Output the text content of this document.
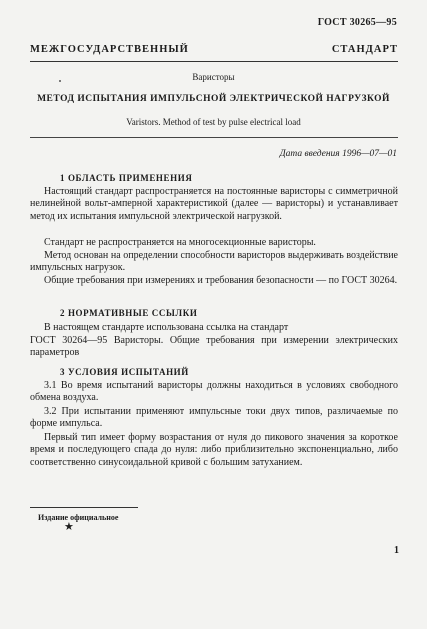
ГОСТ 30265—95
МЕЖГОСУДАРСТВЕННЫЙ СТАНДАРТ
Варисторы
МЕТОД ИСПЫТАНИЯ ИМПУЛЬСНОЙ ЭЛЕКТРИЧЕСКОЙ НАГРУЗКОЙ
Varistors. Method of test by pulse electrical load
Дата введения 1996—07—01
1 ОБЛАСТЬ ПРИМЕНЕНИЯ
Настоящий стандарт распространяется на постоянные варисторы с симметричной нелинейной вольт-амперной характеристикой (далее — варисторы) и устанавливает метод их испытания импульсной электрической нагрузкой.
Стандарт не распространяется на многосекционные варисторы.
Метод основан на определении способности варисторов выдерживать воздействие импульсных нагрузок.
Общие требования при измерениях и требования безопасности — по ГОСТ 30264.
2 НОРМАТИВНЫЕ ССЫЛКИ
В настоящем стандарте использована ссылка на стандарт
ГОСТ 30264—95 Варисторы. Общие требования при измерении электрических параметров
3 УСЛОВИЯ ИСПЫТАНИЙ
3.1 Во время испытаний варисторы должны находиться в условиях свободного обмена воздуха.
3.2 При испытании применяют импульсные токи двух типов, различаемые по форме импульса.
Первый тип имеет форму возрастания от нуля до пикового значения за короткое время и последующего спада до нуля: либо приблизительно экспоненциально, либо соответственно синусоидальной кривой с большим затуханием.
Издание официальное
★
1
